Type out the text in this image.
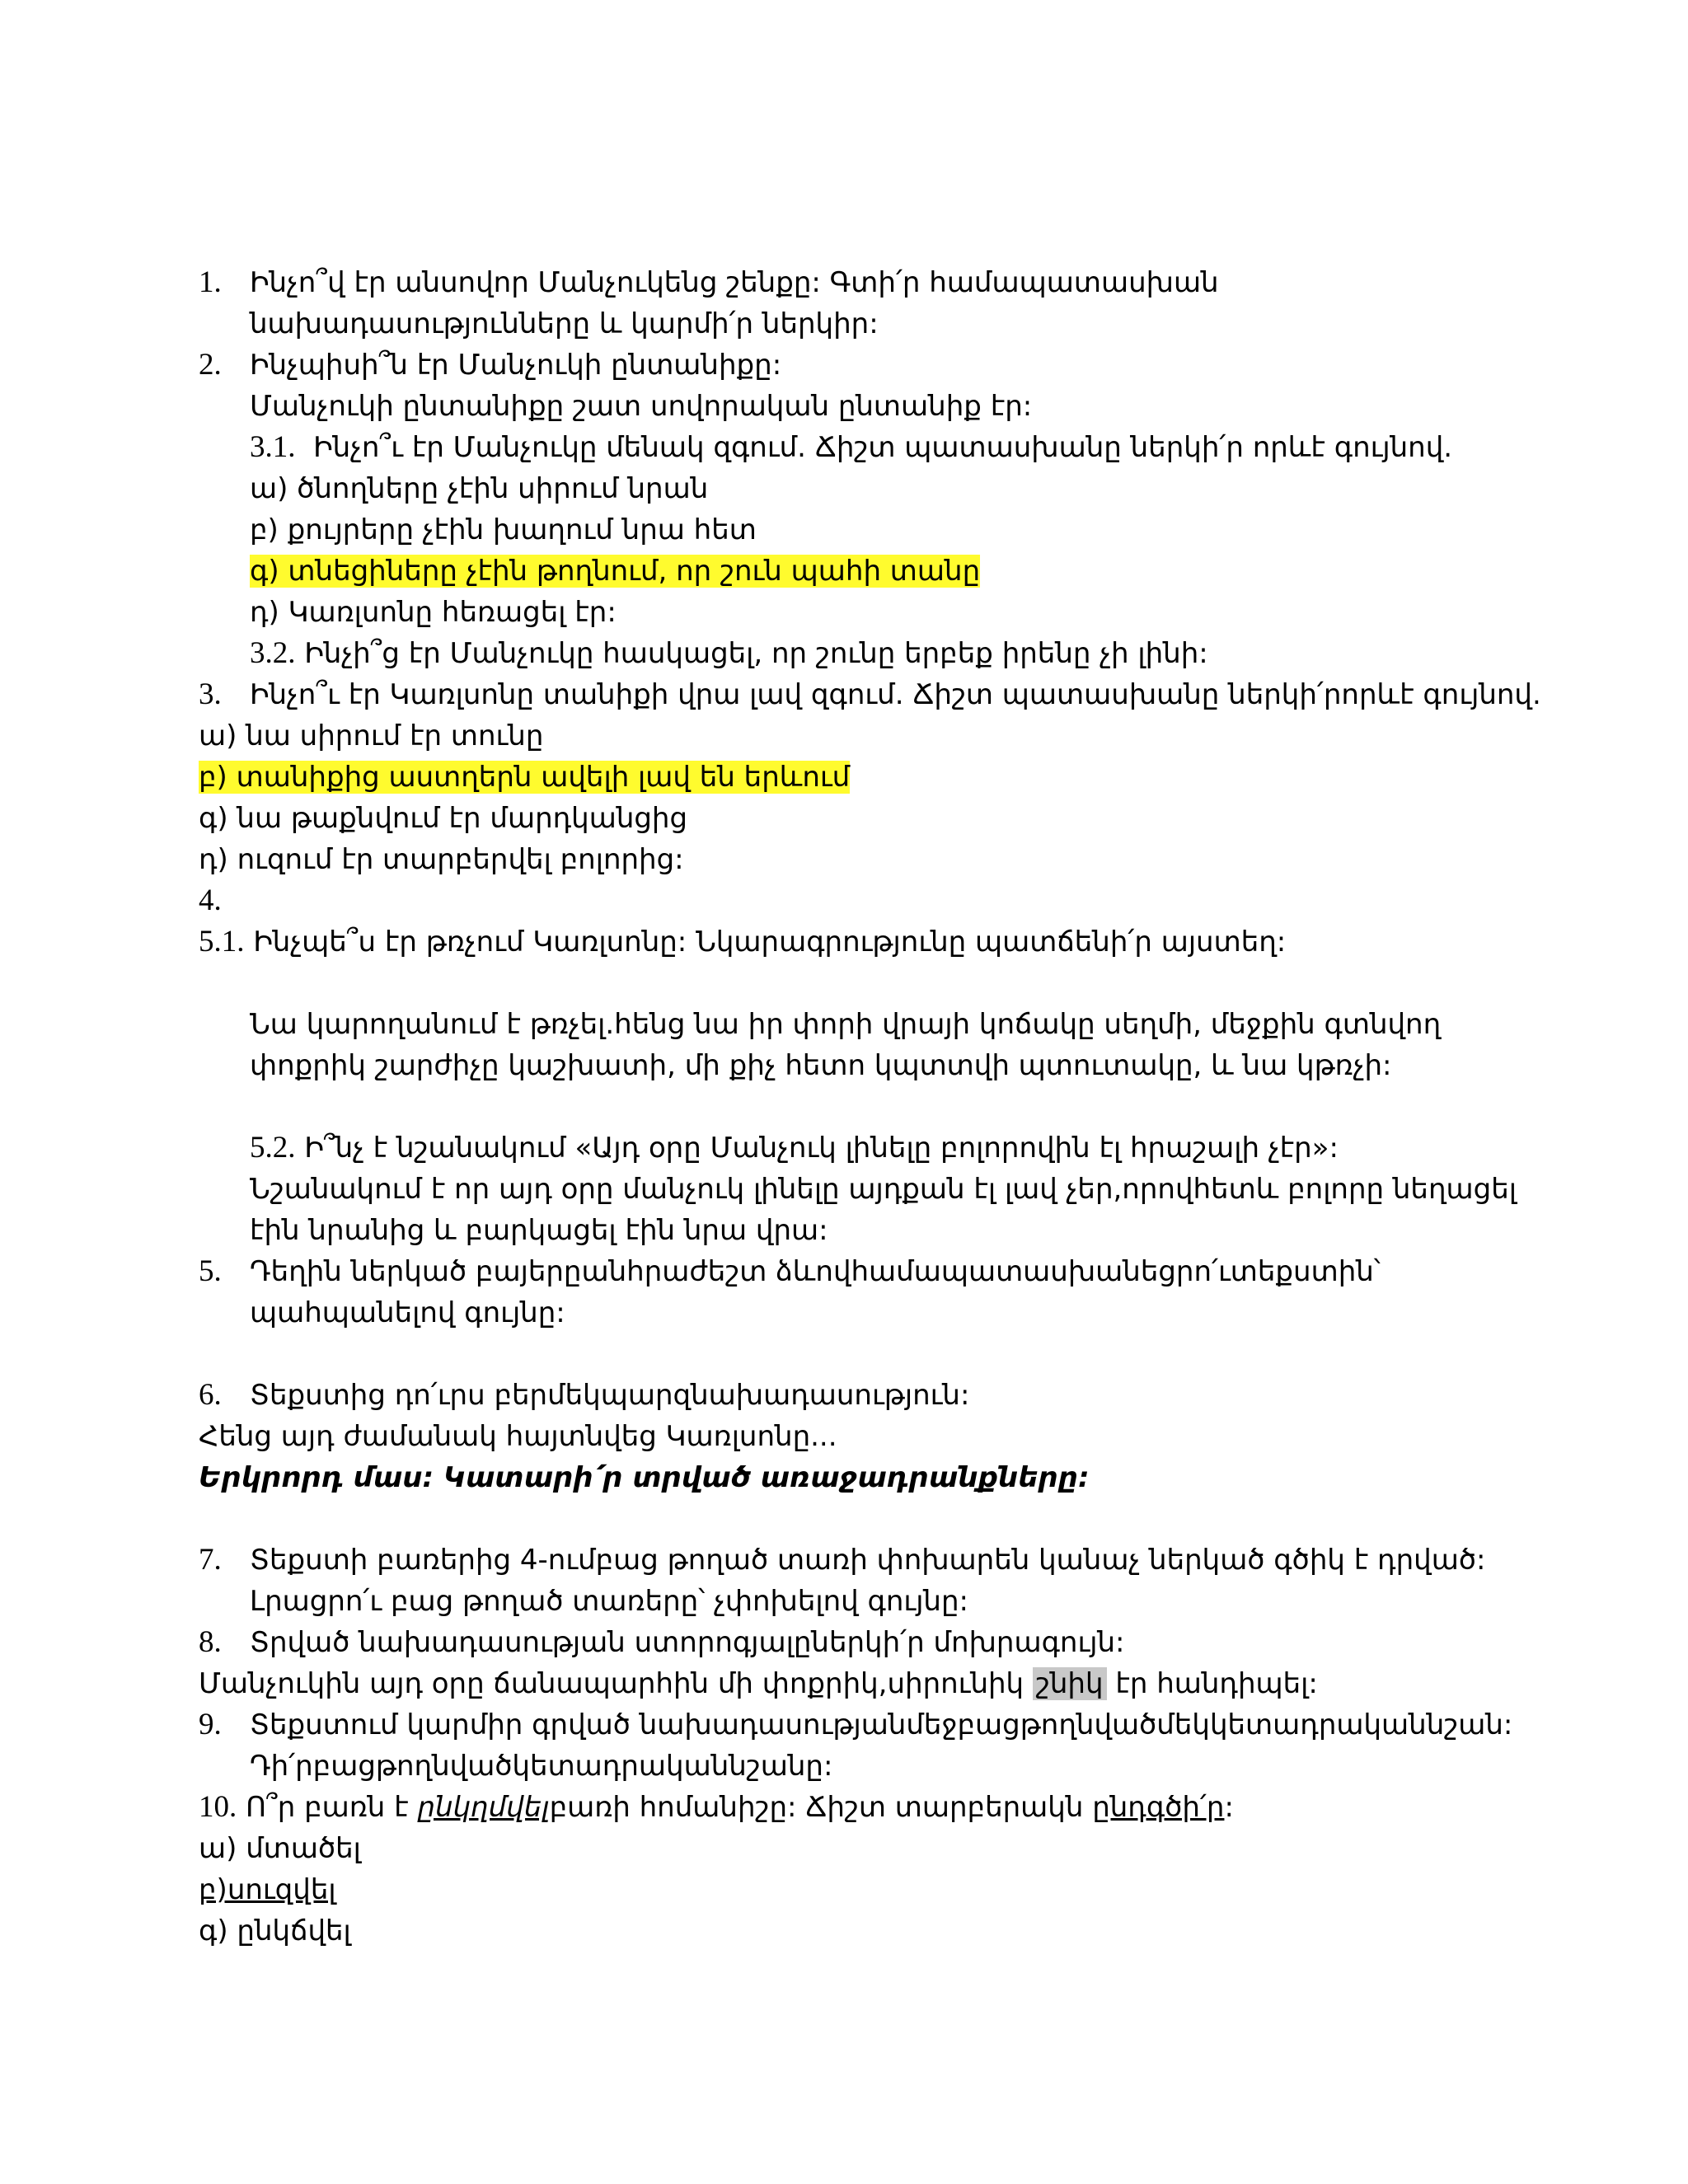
1. Ինչո՞վ էր անսովոր Մանչուկենց շենքը: Գտի՛ր համապատասխան
նախադասությունները և կարմի՛ր ներկիր:
2. Ինչպիսի՞ն էր Մանչուկի ընտանիքը:
Մանչուկի ընտանիքը շատ սովորական ընտանիք էր:
3.1. Ինչո՞ւ էր Մանչուկը մենակ զգում. Ճիշտ պատասխանը ներկի՛ր որևէ գույնով.
ա) ծնողները չէին սիրում նրան
բ) քույրերը չէին խաղում նրա հետ
գ) տնեցիները չէին թողնում, որ շուն պահի տանը
դ) Կառլսոնը հեռացել էր:
3.2. Ինչի՞ց էր Մանչուկը հասկացել, որ շունը երբեք իրենը չի լինի:
3. Ինչո՞ւ էր Կառլսոնը տանիքի վրա լավ զգում. Ճիշտ պատասխանը ներկի՛րորևէ գույնով.
ա) նա սիրում էր տունը
բ) տանիքից աստղերն ավելի լավ են երևում
գ) նա թաքնվում էր մարդկանցից
դ) ուզում էր տարբերվել բոլորից:
4.
5.1. Ինչպե՞ս էր թռչում Կառլսոնը: Նկարագրությունը պատճենի՛ր այստեղ:
Նա կարողանում է թռչել.հենց նա իր փորի վրայի կոճակը սեղմի, մեջքին գտնվող
փոքրիկ շարժիչը կաշխատի, մի քիչ հետո կպտտվի պտուտակը, և նա կթռչի:
5.2. Ի՞նչ է նշանակում «Այդ օրը Մանչուկ լինելը բոլորովին էլ հրաշալի չէր»:
Նշանակում է որ այդ օրը մանչուկ լինելը այդքան էլ լավ չեր,որովհետև բոլորը նեղացել
էին նրանից և բարկացել էին նրա վրա:
5. Դեղին ներկած բայերըանհրաժեշտ ձևովհամապատասխանեցրո՛ւտեքստին՝
պահպանելով գույնը:
6. Տեքստից դո՛ւրս բերմեկպարզնախադասություն:
Հենց այդ ժամանակ հայտնվեց Կառլսոնը...
Երկրորդ մաս: Կատարի՛ր տրված առաջադրանքները:
7. Տեքստի բառերից 4-ումբաց թողած տառի փոխարեն կանաչ ներկած գծիկ է դրված:
Լրացրո՛ւ բաց թողած տառերը՝ չփոխելով գույնը:
8. Տրված նախադասության ստորոգյալըներկի՛ր մոխրագույն:
Մանչուկին այդ օրը ճանապարհին մի փոքրիկ,սիրունիկ շնիկ էր հանդիպել:
9. Տեքստում կարմիր գրված նախադասությանմեջբացթողնվածմեկկետադրականնշան:
Դի՛րբացթողնվածկետադրականնշանը:
10. Ո՞ր բառն է ընկղմվելբառի հոմանիշը: Ճիշտ տարբերակն ընդգծի՛ր:
ա) մտածել
բ)սուզվել
գ) ընկճվել
